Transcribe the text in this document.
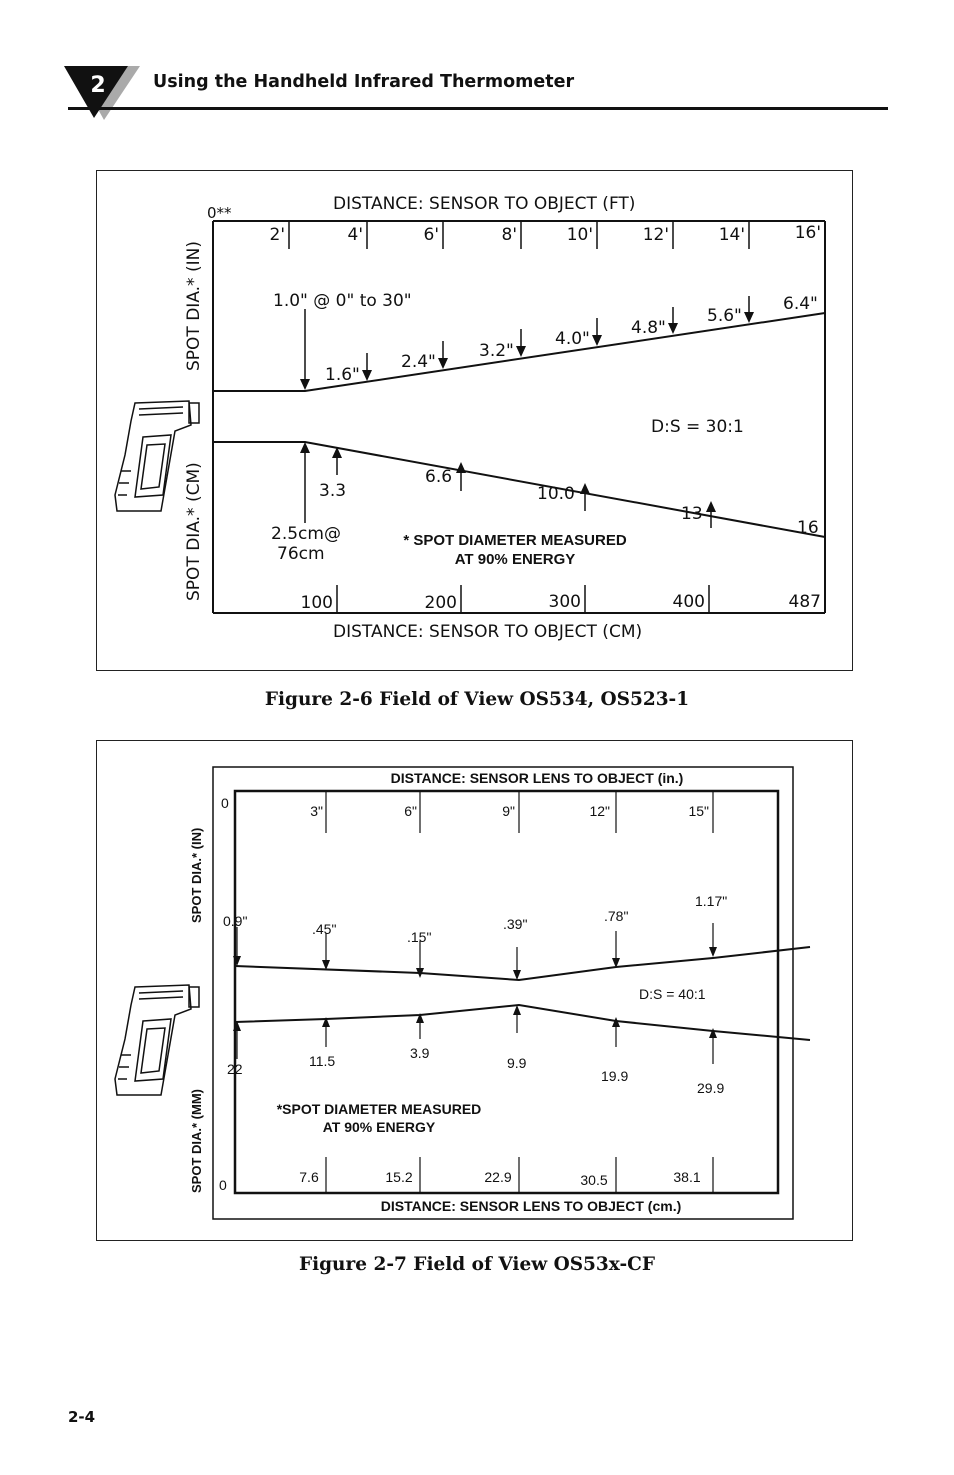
2	Using the Handheld Infrared Thermometer
0**	DISTANCE: SENSOR TO OBJECT (FT)
DISTANCE: SENSOR TO OBJECT (CM)
2'	4'	6'	8'	10'	12'	14'	16'
100	200	300	400	487
1.0" @ 0" to 30"
1.6"
2.4"
3.2"
4.0"
4.8"
5.6"
6.4"
3.3
6.6
10.0
13
16
2.5cm@
76cm
D:S = 30:1
* SPOT DIAMETER MEASURED
AT 90% ENERGY
SPOT DIA.* (IN)
SPOT DIA.* (CM)
Figure 2-6 Field of View OS534, OS523-1
DISTANCE: SENSOR LENS TO OBJECT (in.)
DISTANCE: SENSOR LENS TO OBJECT (cm.)
0
0
3"	6"	9"	12"	15"
7.6	15.2	22.9	30.5	38.1
0.9"	.45"	.15"
.39"	.78"
1.17"
22	11.5	3.9
9.9
19.9
29.9
D:S = 40:1
*SPOT DIAMETER MEASURED
AT 90% ENERGY
SPOT DIA.* (IN)
SPOT DIA.* (MM)
Figure 2-7 Field of View OS53x-CF
2-4
